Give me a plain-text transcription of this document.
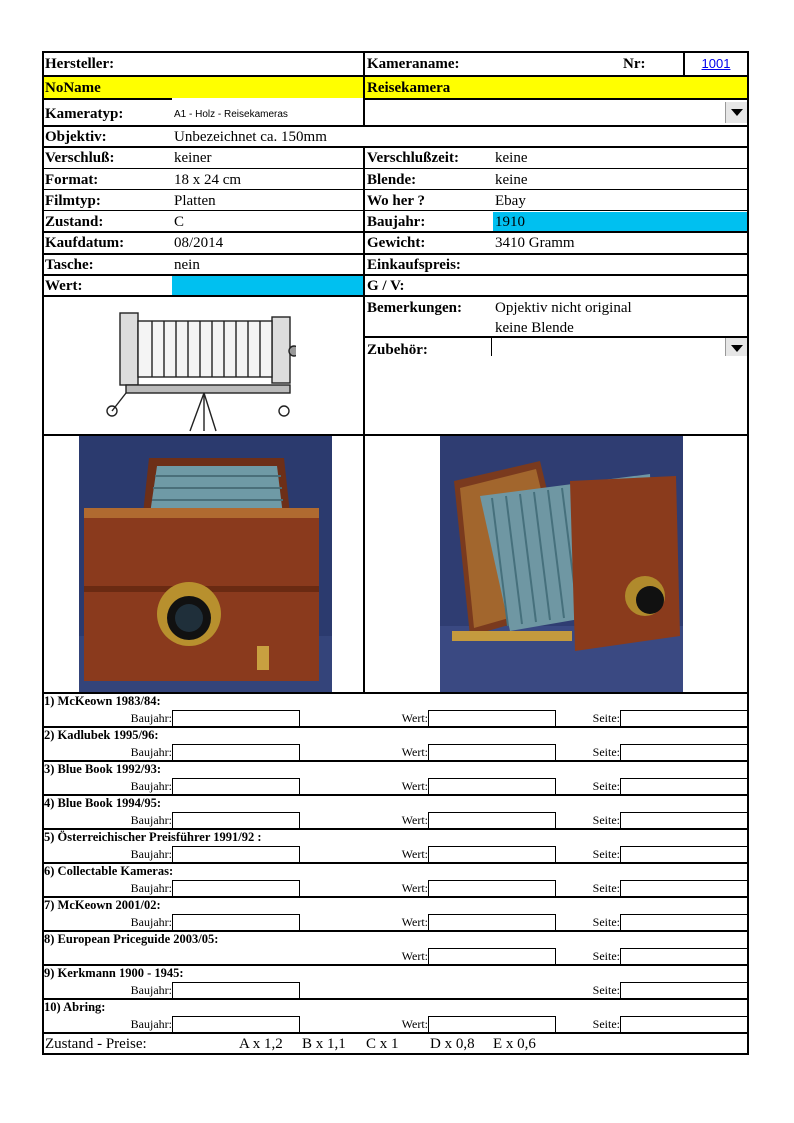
Hersteller:	Kameraname:	Nr:	1001
NoName	Reisekamera
Kameratyp:	A1 - Holz - Reisekameras
Objektiv:	Unbezeichnet ca. 150mm
Verschluß:	keiner	Verschlußzeit: keine
Format:	18 x 24 cm	Blende:	keine
Filmtyp:	Platten	Wo her ?	Ebay
Zustand:	C	Baujahr:	1910
Kaufdatum:	08/2014	Gewicht:	3410 Gramm
Tasche:	nein	Einkaufspreis:
Wert:	G / V:
Bemerkungen: Opjektiv nicht original
keine Blende
Zubehör:
1) McKeown 1983/84:
Baujahr:	Wert:	Seite:
2) Kadlubek 1995/96:
Baujahr:	Wert:	Seite:
3) Blue Book 1992/93:
Baujahr:	Wert:	Seite:
4) Blue Book 1994/95:
Baujahr:	Wert:	Seite:
5) Österreichischer Preisführer 1991/92 :
Baujahr:	Wert:	Seite:
6) Collectable Kameras:
Baujahr:	Wert:	Seite:
7) McKeown 2001/02:
Baujahr:	Wert:	Seite:
8) European Priceguide 2003/05:
Wert:	Seite:
9) Kerkmann 1900 - 1945:
Baujahr:	Seite:
10) Abring:
Baujahr:	Wert:	Seite:
Zustand - Preise:	A x 1,2 B x 1,1 C x 1 D x 0,8 E x 0,6
